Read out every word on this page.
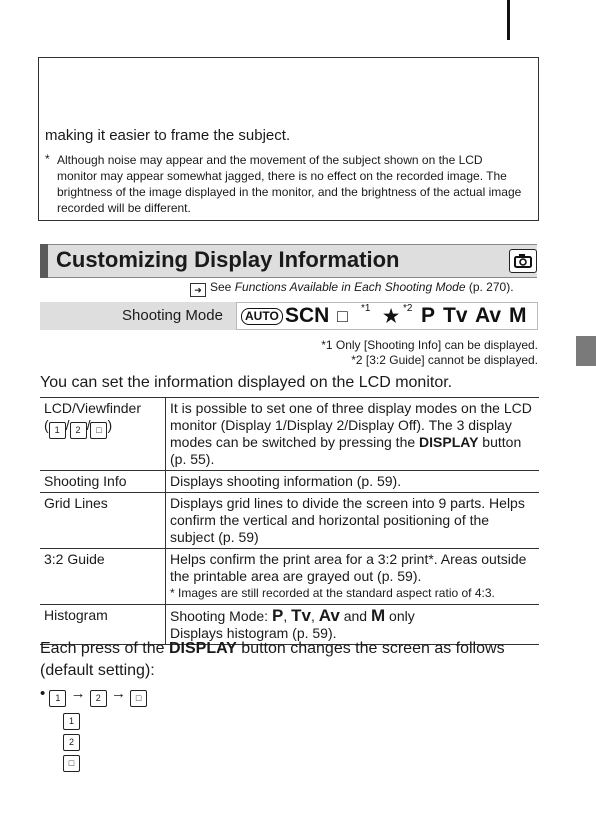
making it easier to frame the subject.
* Although noise may appear and the movement of the subject shown on the LCD monitor may appear somewhat jagged, there is no effect on the recorded image. The brightness of the image displayed in the monitor, and the brightness of the actual image recorded will be different.
Customizing Display Information
➜ See Functions Available in Each Shooting Mode (p. 270).
Shooting Mode	AUTO SCN □ *1 ★ *2 P Tv Av M
*1 Only [Shooting Info] can be displayed.
*2 [3:2 Guide] cannot be displayed.
You can set the information displayed on the LCD monitor.
LCD/Viewfinder
( 1 / 2 / □ )	It is possible to set one of three display modes on the LCD monitor (Display 1/Display 2/Display Off). The 3 display modes can be switched by pressing the DISPLAY button (p. 55).
Shooting Info	Displays shooting information (p. 59).
Grid Lines	Displays grid lines to divide the screen into 9 parts. Helps confirm the vertical and horizontal positioning of the subject (p. 59)
3:2 Guide	Helps confirm the print area for a 3:2 print*. Areas outside the printable area are grayed out (p. 59).
* Images are still recorded at the standard aspect ratio of 4:3.

Histogram	Shooting Mode: P, Tv, Av and M only
Displays histogram (p. 59).
Each press of the DISPLAY button changes the screen as follows (default setting):
• 1 → 2 → □
1
2
□
